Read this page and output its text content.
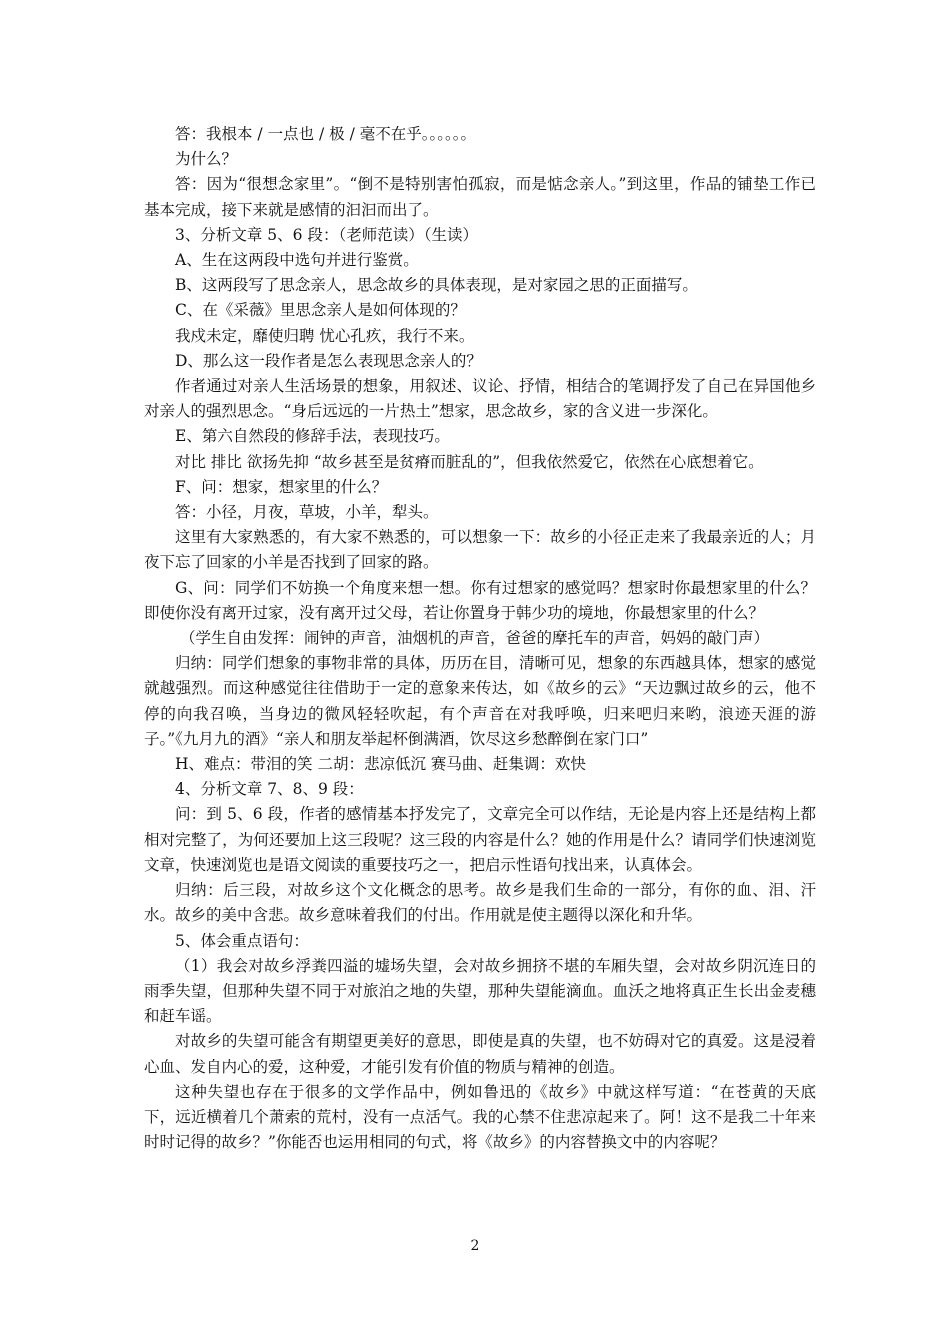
答：我根本 / 一点也 / 极 / 毫不在乎。。。。。。

为什么？

答：因为“很想念家里”。“倒不是特别害怕孤寂，而是惦念亲人。”到这里，作品的铺垫工作已基本完成，接下来就是感情的汩汩而出了。

3、分析文章 5、6 段：（老师范读）（生读）

A、生在这两段中选句并进行鉴赏。

B、这两段写了思念亲人，思念故乡的具体表现，是对家园之思的正面描写。

C、在《采薇》里思念亲人是如何体现的？

我戍未定，靡使归聘 忧心孔疚，我行不来。

D、那么这一段作者是怎么表现思念亲人的？

作者通过对亲人生活场景的想象，用叙述、议论、抒情，相结合的笔调抒发了自己在异国他乡对亲人的强烈思念。“身后远远的一片热土”想家，思念故乡，家的含义进一步深化。

E、第六自然段的修辞手法，表现技巧。

对比 排比 欲扬先抑 “故乡甚至是贫瘠而脏乱的”，但我依然爱它，依然在心底想着它。

F、问：想家，想家里的什么？

答：小径，月夜，草坡，小羊，犁头。

这里有大家熟悉的，有大家不熟悉的，可以想象一下：故乡的小径正走来了我最亲近的人；月夜下忘了回家的小羊是否找到了回家的路。

G、问：同学们不妨换一个角度来想一想。你有过想家的感觉吗？想家时你最想家里的什么？即使你没有离开过家，没有离开过父母，若让你置身于韩少功的境地，你最想家里的什么？

（学生自由发挥：闹钟的声音，油烟机的声音，爸爸的摩托车的声音，妈妈的敲门声）

归纳：同学们想象的事物非常的具体，历历在目，清晰可见，想象的东西越具体，想家的感觉就越强烈。而这种感觉往往借助于一定的意象来传达，如《故乡的云》“天边飘过故乡的云，他不停的向我召唤，当身边的微风轻轻吹起，有个声音在对我呼唤，归来吧归来哟，浪迹天涯的游子。”《九月九的酒》“亲人和朋友举起杯倒满酒，饮尽这乡愁醉倒在家门口”

H、难点：带泪的笑 二胡：悲凉低沉 赛马曲、赶集调：欢快

4、分析文章 7、8、9 段：

问：到 5、6 段，作者的感情基本抒发完了，文章完全可以作结，无论是内容上还是结构上都相对完整了，为何还要加上这三段呢？这三段的内容是什么？她的作用是什么？请同学们快速浏览文章，快速浏览也是语文阅读的重要技巧之一，把启示性语句找出来，认真体会。

归纳：后三段，对故乡这个文化概念的思考。故乡是我们生命的一部分，有你的血、泪、汗水。故乡的美中含悲。故乡意味着我们的付出。作用就是使主题得以深化和升华。

5、体会重点语句：

（1）我会对故乡浮粪四溢的墟场失望，会对故乡拥挤不堪的车厢失望，会对故乡阴沉连日的雨季失望，但那种失望不同于对旅泊之地的失望，那种失望能滴血。血沃之地将真正生长出金麦穗和赶车谣。

对故乡的失望可能含有期望更美好的意思，即使是真的失望，也不妨碍对它的真爱。这是浸着心血、发自内心的爱，这种爱，才能引发有价值的物质与精神的创造。

这种失望也存在于很多的文学作品中，例如鲁迅的《故乡》中就这样写道：“在苍黄的天底下，远近横着几个萧索的荒村，没有一点活气。我的心禁不住悲凉起来了。阿！这不是我二十年来时时记得的故乡？”你能否也运用相同的句式，将《故乡》的内容替换文中的内容呢？

2
